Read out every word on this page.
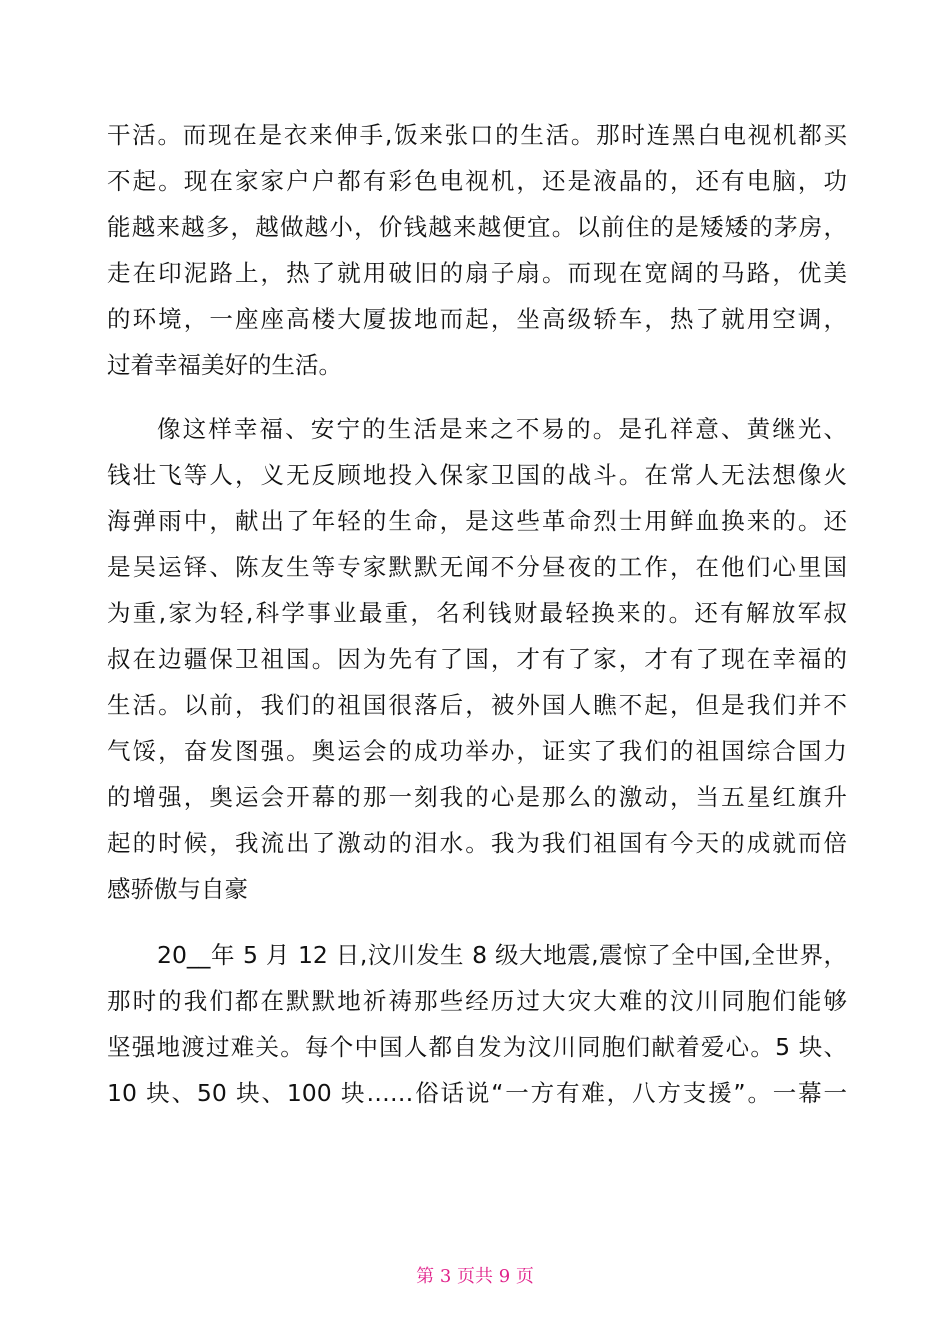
干活。而现在是衣来伸手,饭来张口的生活。那时连黑白电视机都买
不起。现在家家户户都有彩色电视机，还是液晶的，还有电脑，功
能越来越多，越做越小，价钱越来越便宜。以前住的是矮矮的茅房，
走在印泥路上，热了就用破旧的扇子扇。而现在宽阔的马路，优美
的环境，一座座高楼大厦拔地而起，坐高级轿车，热了就用空调，
过着幸福美好的生活。
像这样幸福、安宁的生活是来之不易的。是孔祥意、黄继光、
钱壮飞等人，义无反顾地投入保家卫国的战斗。在常人无法想像火
海弹雨中，献出了年轻的生命，是这些革命烈士用鲜血换来的。还
是吴运铎、陈友生等专家默默无闻不分昼夜的工作，在他们心里国
为重,家为轻,科学事业最重，名利钱财最轻换来的。还有解放军叔
叔在边疆保卫祖国。因为先有了国，才有了家，才有了现在幸福的
生活。以前，我们的祖国很落后，被外国人瞧不起，但是我们并不
气馁，奋发图强。奥运会的成功举办，证实了我们的祖国综合国力
的增强，奥运会开幕的那一刻我的心是那么的激动，当五星红旗升
起的时候，我流出了激动的泪水。我为我们祖国有今天的成就而倍
感骄傲与自豪
20__年 5 月 12 日,汶川发生 8 级大地震,震惊了全中国,全世界，
那时的我们都在默默地祈祷那些经历过大灾大难的汶川同胞们能够
坚强地渡过难关。每个中国人都自发为汶川同胞们献着爱心。5 块、
10 块、50 块、100 块……俗话说“一方有难，八方支援”。一幕一
第 3 页共 9 页
